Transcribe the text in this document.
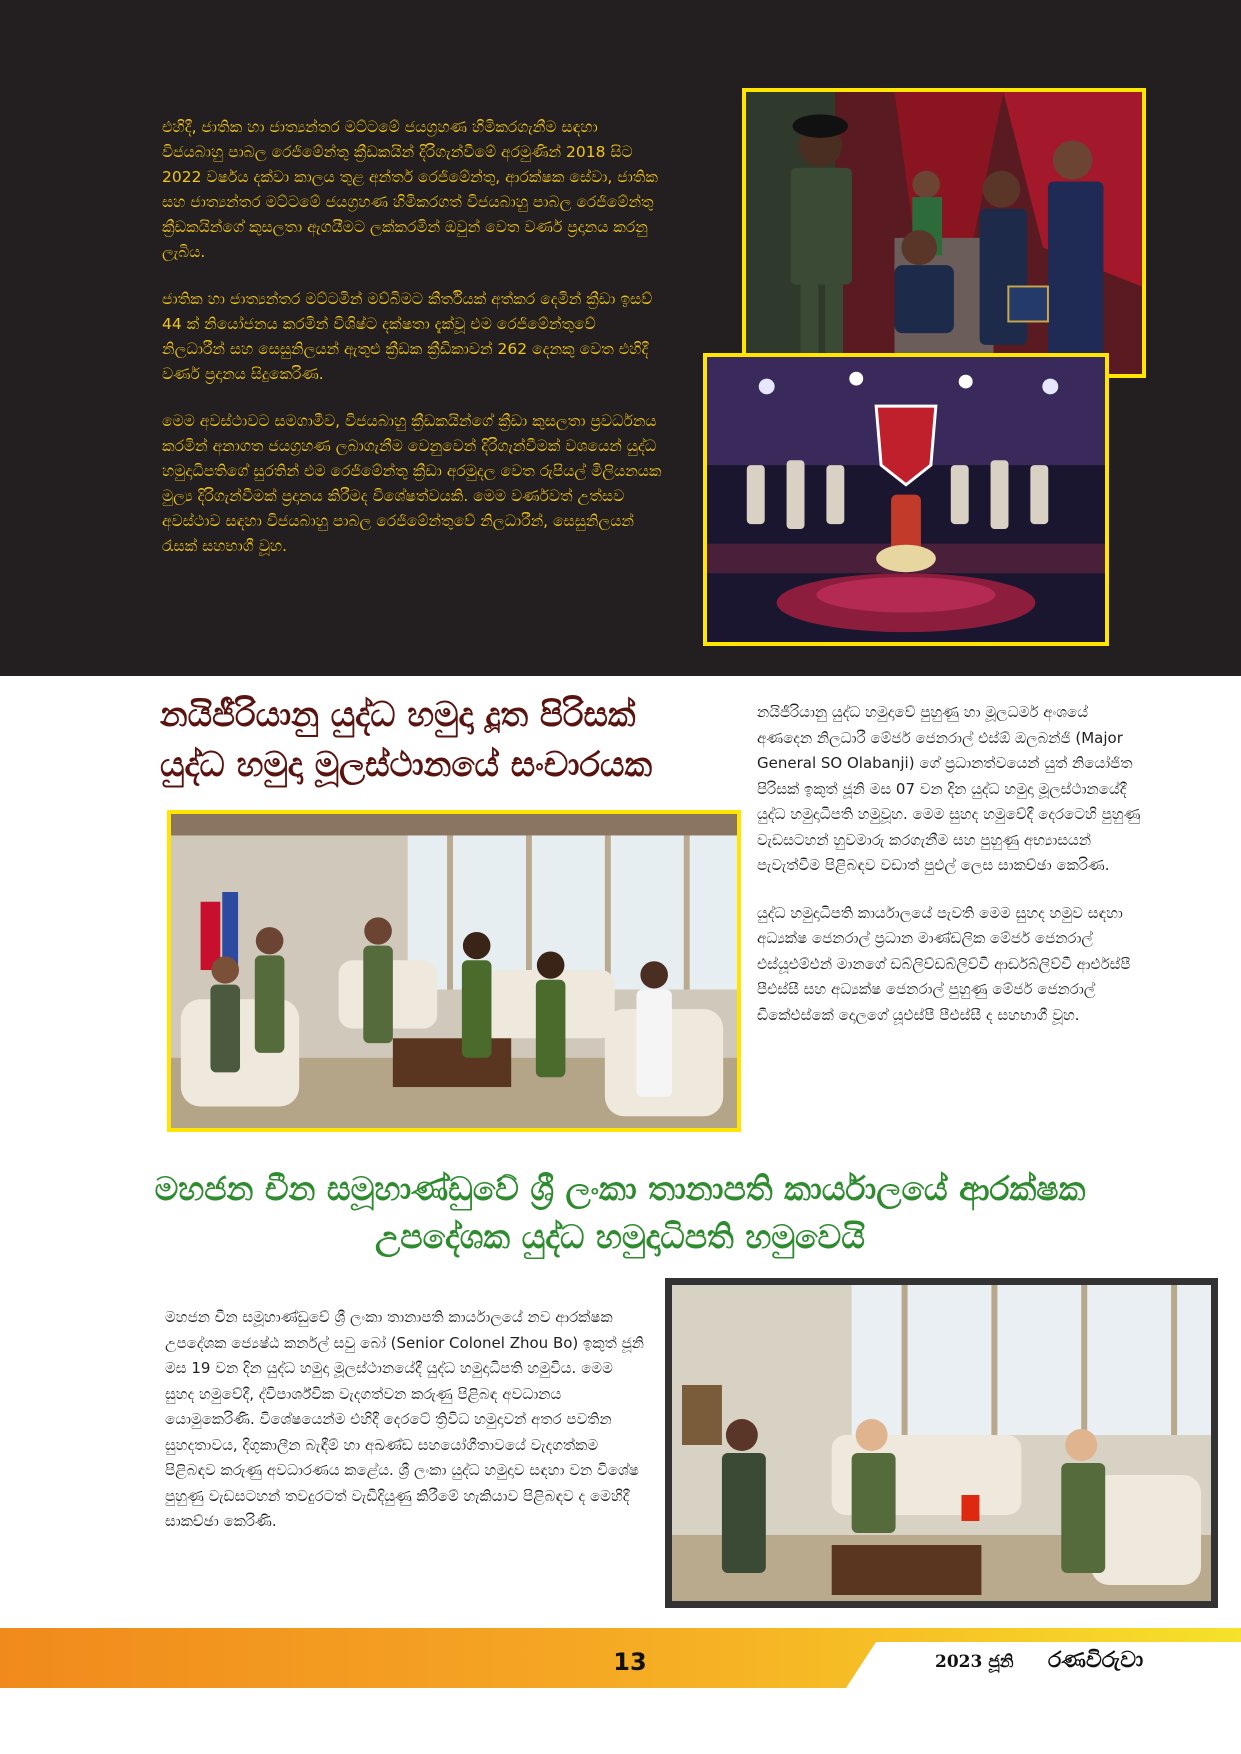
එහිදී, ජාතික හා ජාත්‍යන්තර මට්ටමේ ජයග්‍රහණ හිමිකරගැනීම සඳහා විජයබාහු පාබල රෙජිමේන්තු ක්‍රීඩකයින් දිරිගැන්වීමේ අරමුණින් 2018 සිට 2022 වර්ෂය දක්වා කාලය තුළ අන්තර් රෙජිමේන්තු, ආරක්ෂක සේවා, ජාතික සහ ජාත්‍යන්තර මට්ටමේ ජයග්‍රහණ හිමිකරගත් විජයබාහු පාබල රෙජිමේන්තු ක්‍රීඩකයින්ගේ කුසලතා ඇගයීමට ලක්කරමින් ඔවුන් වෙත වර්ණ ප්‍රදානය කරනු ලැබිය.

ජාතික හා ජාත්‍යන්තර මට්ටමින් මව්බිමට කීර්තියක් අත්කර දෙමින් ක්‍රීඩා ඉසව් 44 ක් නියෝජනය කරමින් විශිෂ්ට දක්ෂතා දැක්වූ එම රෙජිමේන්තුවේ නිලධාරීන් සහ සෙසුනිලයන් ඇතුළු ක්‍රීඩක ක්‍රීඩිකාවන් 262 දෙනකු වෙත එහිදී වර්ණ ප්‍රදානය සිදුකෙරිණ.

මෙම අවස්ථාවට සමගාමීව, විජයබාහු ක්‍රීඩකයින්ගේ ක්‍රීඩා කුසලතා ප්‍රවර්ධනය කරමින් අනාගත ජයග්‍රහණ ලබාගැනීම වෙනුවෙන් දිරිගැන්වීමක් වශයෙන් යුද්ධ හමුදාධිපතිගේ සුරතින් එම රෙජිමේන්තු ක්‍රීඩා අරමුදල වෙත රුපියල් මිලියනයක මුල්‍ය දිරිගැන්වීමක් ප්‍රදානය කිරීමද විශේෂත්වයකි. මෙම වර්ණවත් උත්සව අවස්ථාව සඳහා විජයබාහු පාබල රෙජිමේන්තුවේ නිලධාරීන්, සෙසුනිලයන් රැසක් සහභාගී වූහ.

නයිජීරියානු යුද්ධ හමුදා දූත පිරිසක් යුද්ධ හමුදා මූලස්ථානයේ සංචාරයක

නයිජීරියානු යුද්ධ හමුදාවේ පුහුණු හා මූලධර්ම අංශයේ අණදෙන නිලධාරී මේජර් ජෙනරාල් එස්ඕ ඔලබන්ජි (Major General SO Olabanji) ගේ ප්‍රධානත්වයෙන් යුත් නියෝජිත පිරිසක් ඉකුත් ජූනි මස 07 වන දින යුද්ධ හමුදා මූලස්ථානයේදී යුද්ධ හමුදාධිපති හමුවූහ. මෙම සුහද හමුවේදී දෙරටෙහි පුහුණු වැඩසටහන් හුවමාරු කරගැනීම සහ පුහුණු අභ්‍යාසයන් පැවැත්වීම පිළිබඳව වඩාත් පුළුල් ලෙස සාකච්ඡා කෙරිණ.

යුද්ධ හමුදාධිපති කාර්යාලයේ පැවති මෙම සුහද හමුව සඳහා අධ්‍යක්ෂ ජෙනරාල් ප්‍රධාන මාණ්ඩලික මේජර් ජෙනරාල් එස්යූඑම්එන් මානගේ ඩබ්ලිව්ඩබ්ලිව්වී ආර්ඩබ්ලිව්වී ආර්එස්පී පීඑස්සී සහ අධ්‍යක්ෂ ජෙනරාල් පුහුණු මේජර් ජෙනරාල් ඩීකේඑස්කේ දොලගේ යූඑස්පී පීඑස්සී ද සහභාගී වූහ.

මහජන චීන සමූහාණ්ඩුවේ ශ්‍රී ලංකා තානාපති කාර්යාලයේ ආරක්ෂක උපදේශක යුද්ධ හමුදාධිපති හමුවෙයි

මහජන චීන සමූහාණ්ඩුවේ ශ්‍රී ලංකා තානාපති කාර්යාලයේ නව ආරක්ෂක උපදේශක ජ්‍යෙෂ්ඨ කර්නල් සවු බෝ (Senior Colonel Zhou Bo) ඉකුත් ජූනි මස 19 වන දින යුද්ධ හමුදා මූලස්ථානයේදී යුද්ධ හමුදාධිපති හමුවිය. මෙම සුහද හමුවේදී, ද්විපාර්ශ්වික වැදගත්වන කරුණු පිළිබඳ අවධානය යොමුකෙරිණි. විශේෂයෙන්ම එහිදී දෙරටේ ත්‍රිවිධ හමුදාවන් අතර පවතින සුහදතාවය, දිගුකාලීන බැඳීම් හා අඛණ්ඩ සහයෝගීතාවයේ වැදගත්කම පිළිබඳව කරුණු අවධාරණය කළේය. ශ්‍රී ලංකා යුද්ධ හමුදාව සඳහා වන විශේෂ පුහුණු වැඩසටහන් තවදුරටත් වැඩිදියුණු කිරීමේ හැකියාව පිළිබඳව ද මෙහිදී සාකච්ඡා කෙරිණි.

13	2023 ජූනි රණවිරුවා
